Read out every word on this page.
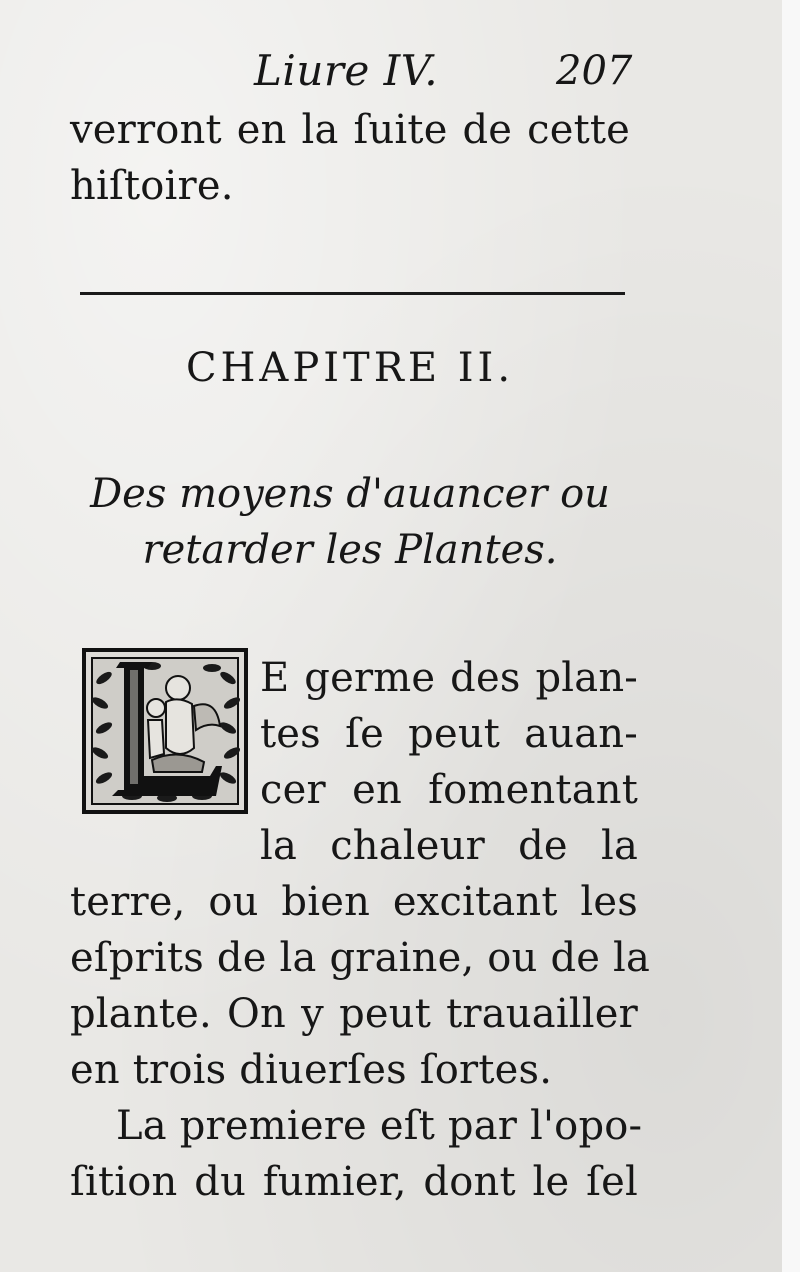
Liure IV.	207
verront en la ſuite de cette
hiſtoire.
CHAPITRE II.
Des moyens d'auancer ou
retarder les Plantes.
E germe des plan-
tes ſe peut auan-
cer en fomentant
la chaleur de la
terre, ou bien excitant les
eſprits de la graine, ou de la
plante. On y peut trauailler
en trois diuerſes ſortes.
La premiere eſt par l'opo-
ſition du fumier, dont le ſel
